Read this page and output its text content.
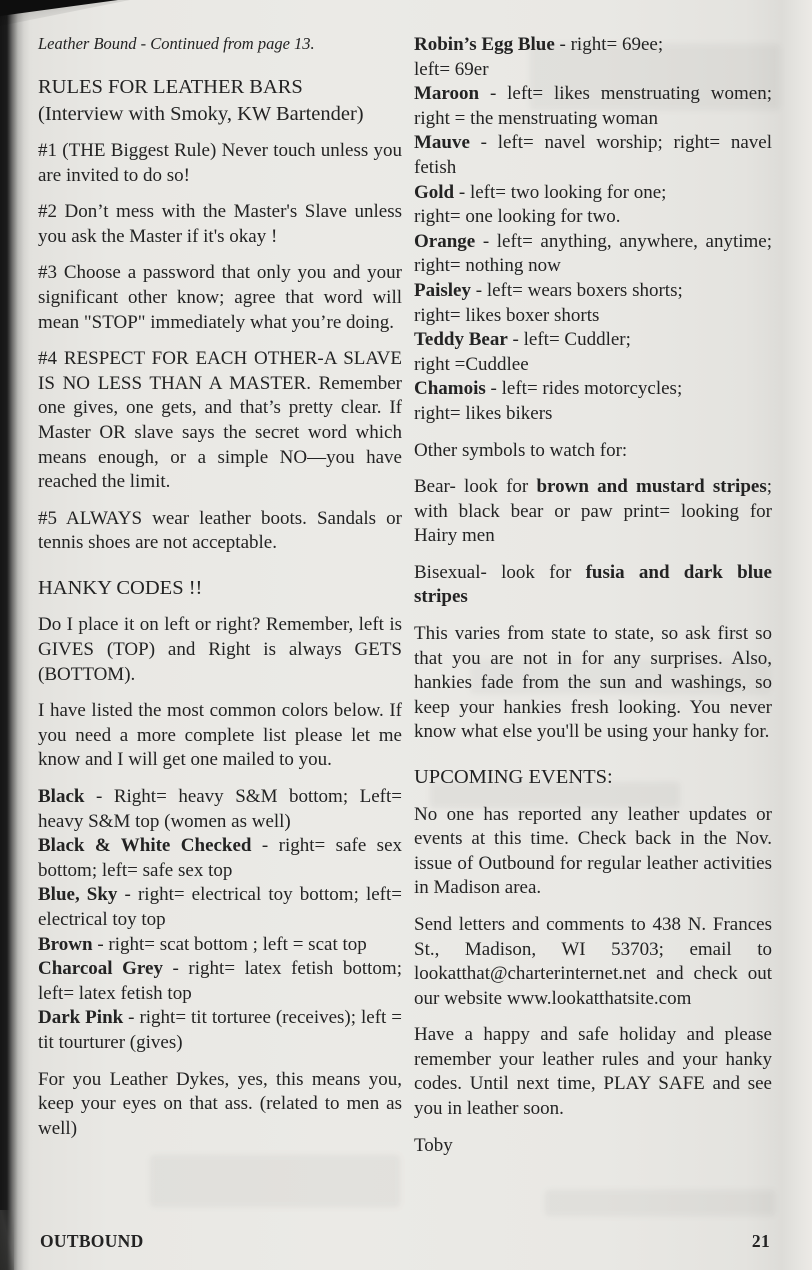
Leather Bound - Continued from page 13.

RULES FOR LEATHER BARS
(Interview with Smoky, KW Bartender)

#1 (THE Biggest Rule) Never touch unless you are invited to do so!

#2 Don’t mess with the Master's Slave unless you ask the Master if it's okay !

#3 Choose a password that only you and your significant other know; agree that word will mean "STOP" immediately what you’re doing.

#4 RESPECT FOR EACH OTHER-A SLAVE IS NO LESS THAN A MASTER. Remember one gives, one gets, and that’s pretty clear. If Master OR slave says the secret word which means enough, or a simple NO—you have reached the limit.

#5 ALWAYS wear leather boots. Sandals or tennis shoes are not acceptable.

HANKY CODES !!

Do I place it on left or right? Remember, left is GIVES (TOP) and Right is always GETS (BOTTOM).

I have listed the most common colors below. If you need a more complete list please let me know and I will get one mailed to you.

Black - Right= heavy S&M bottom; Left= heavy S&M top (women as well)

Black & White Checked - right= safe sex bottom; left= safe sex top

Blue, Sky - right= electrical toy bottom; left= electrical toy top

Brown - right= scat bottom ; left = scat top

Charcoal Grey - right= latex fetish bottom; left= latex fetish top

Dark Pink - right= tit torturee (receives); left = tit tourturer (gives)

For you Leather Dykes, yes, this means you, keep your eyes on that ass. (related to men as well)

Robin’s Egg Blue - right= 69ee;
left= 69er

Maroon - left= likes menstruating women; right = the menstruating woman

Mauve - left= navel worship; right= navel fetish

Gold - left= two looking for one;
right= one looking for two.

Orange - left= anything, anywhere, anytime; right= nothing now

Paisley - left= wears boxers shorts;
right= likes boxer shorts

Teddy Bear - left= Cuddler;
right =Cuddlee

Chamois - left= rides motorcycles;
right= likes bikers

Other symbols to watch for:

Bear- look for brown and mustard stripes; with black bear or paw print= looking for Hairy men

Bisexual- look for fusia and dark blue stripes

This varies from state to state, so ask first so that you are not in for any surprises. Also, hankies fade from the sun and washings, so keep your hankies fresh looking. You never know what else you'll be using your hanky for.

UPCOMING EVENTS:

No one has reported any leather updates or events at this time. Check back in the Nov. issue of Outbound for regular leather activities in Madison area.

Send letters and comments to 438 N. Frances St., Madison, WI 53703; email to lookatthat@charterinternet.net and check out our website www.lookatthatsite.com

Have a happy and safe holiday and please remember your leather rules and your hanky codes. Until next time, PLAY SAFE and see you in leather soon.

Toby

OUTBOUND	21
